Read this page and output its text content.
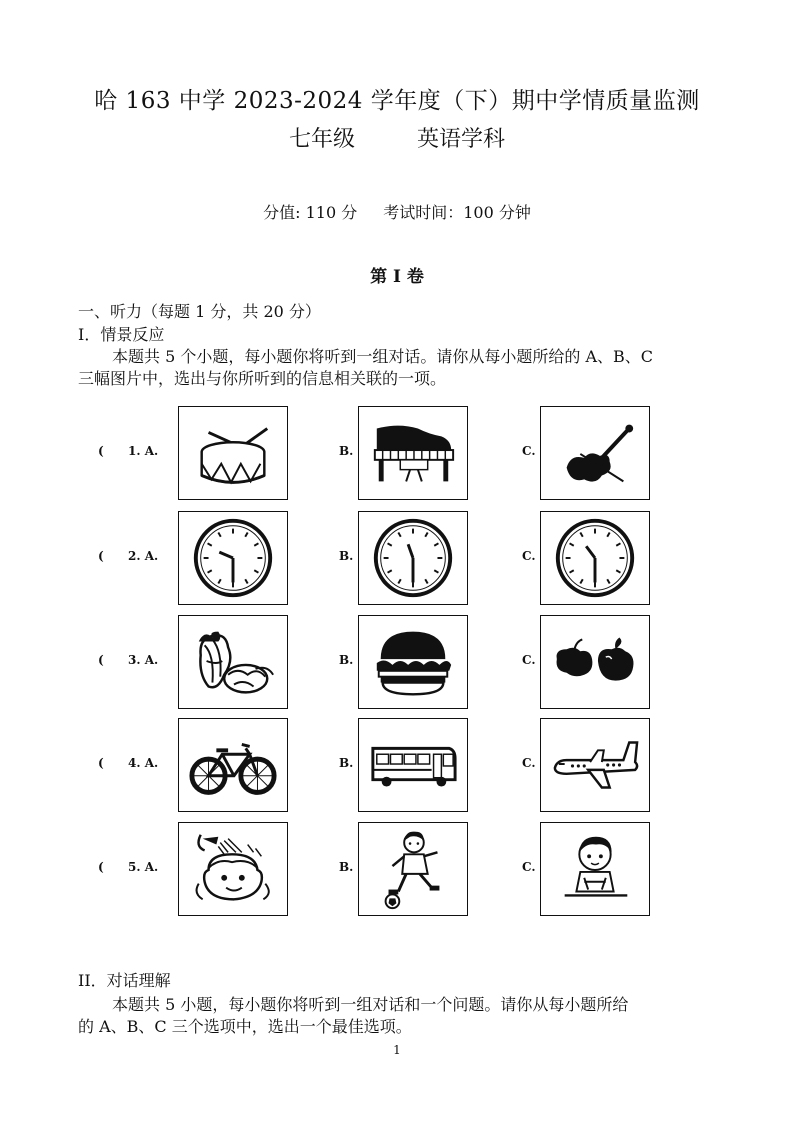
哈 163 中学 2023-2024 学年度（下）期中学情质量监测
七年级	英语学科
分值: 110 分 考试时间：100 分钟
第 I 卷
一、听力（每题 1 分，共 20 分）
I．情景反应
本题共 5 个小题，每小题你将听到一组对话。请你从每小题所给的 A、B、C
三幅图片中，选出与你所听到的信息相关联的一项。
( 1. A.	B.	C.
( 2. A.	B.	C.
( 3. A.	B.	C.
( 4. A.	B.	C.
( 5. A.	B.	C.
II．对话理解
本题共 5 小题，每小题你将听到一组对话和一个问题。请你从每小题所给
的 A、B、C 三个选项中，选出一个最佳选项。
1
